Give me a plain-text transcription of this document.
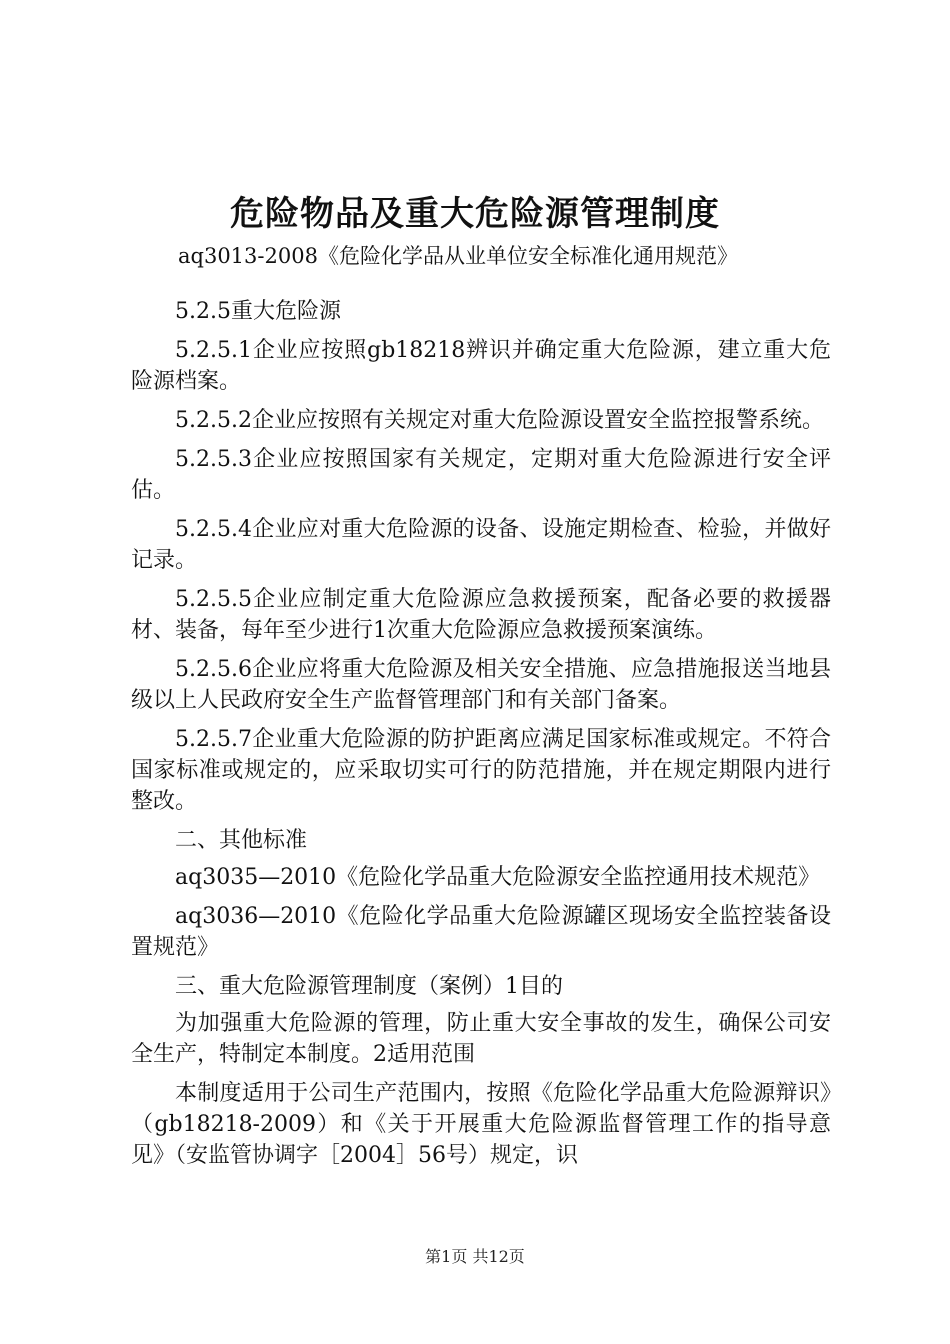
危险物品及重大危险源管理制度
aq3013-2008《危险化学品从业单位安全标准化通用规范》

5.2.5重大危险源

5.2.5.1企业应按照gb18218辨识并确定重大危险源，建立重大危险源档案。

5.2.5.2企业应按照有关规定对重大危险源设置安全监控报警系统。

5.2.5.3企业应按照国家有关规定，定期对重大危险源进行安全评估。

5.2.5.4企业应对重大危险源的设备、设施定期检查、检验，并做好记录。

5.2.5.5企业应制定重大危险源应急救援预案，配备必要的救援器材、装备，每年至少进行1次重大危险源应急救援预案演练。

5.2.5.6企业应将重大危险源及相关安全措施、应急措施报送当地县级以上人民政府安全生产监督管理部门和有关部门备案。

5.2.5.7企业重大危险源的防护距离应满足国家标准或规定。不符合国家标准或规定的，应采取切实可行的防范措施，并在规定期限内进行整改。

二、其他标准

aq3035—2010《危险化学品重大危险源安全监控通用技术规范》

aq3036—2010《危险化学品重大危险源罐区现场安全监控装备设置规范》

三、重大危险源管理制度（案例）1目的

为加强重大危险源的管理，防止重大安全事故的发生，确保公司安全生产，特制定本制度。2适用范围

本制度适用于公司生产范围内，按照《危险化学品重大危险源辩识》（gb18218-2009）和《关于开展重大危险源监督管理工作的指导意见》（安监管协调字［2004］56号）规定，识

第1页 共12页
